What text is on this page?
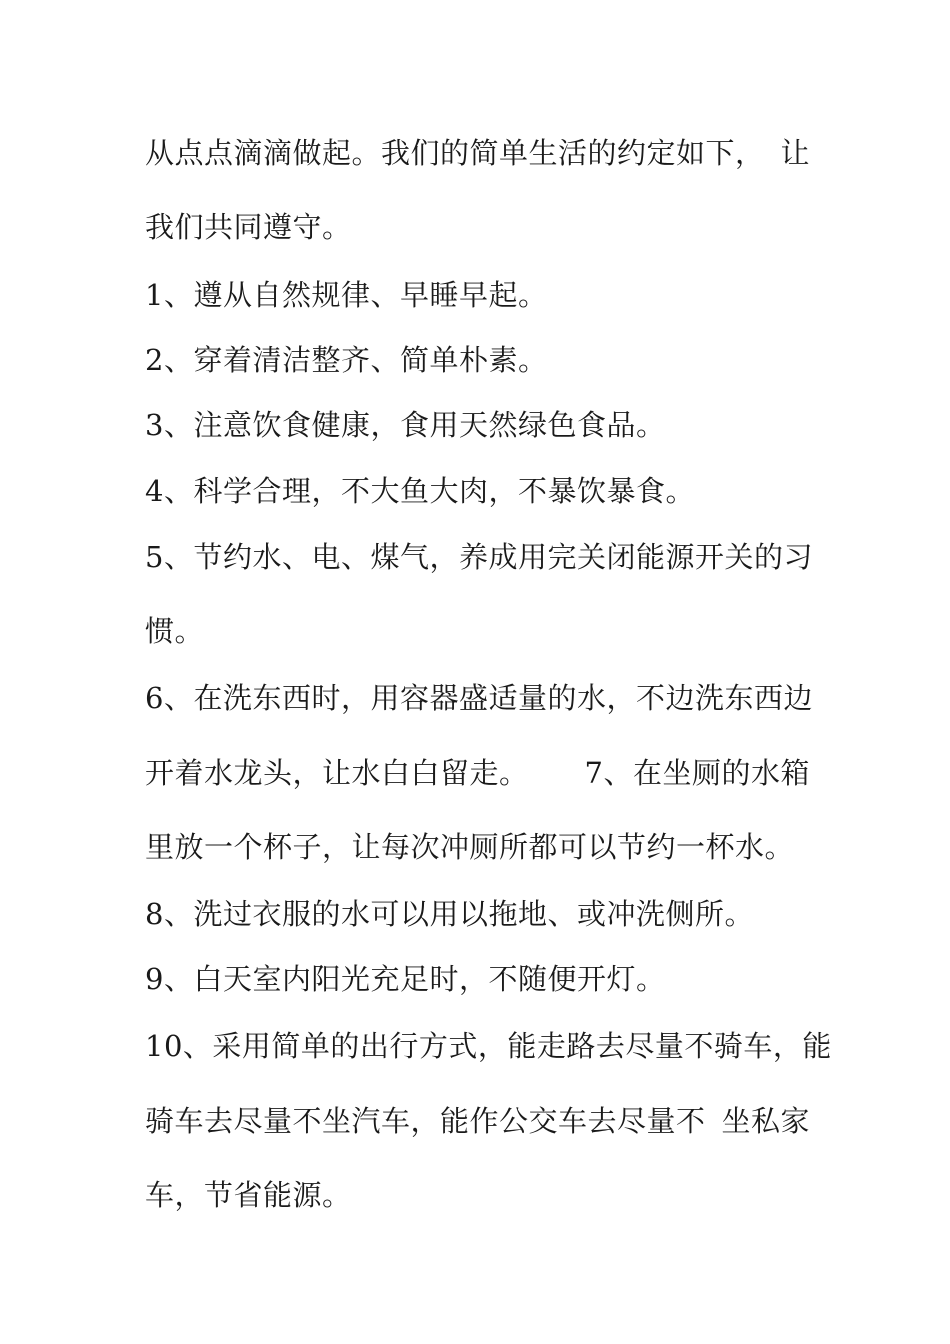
从点点滴滴做起。我们的简单生活的约定如下， 让
我们共同遵守。
1、遵从自然规律、早睡早起。
2、穿着清洁整齐、简单朴素。
3、注意饮食健康，食用天然绿色食品。
4、科学合理，不大鱼大肉，不暴饮暴食。
5、节约水、电、煤气，养成用完关闭能源开关的习
惯。
6、在洗东西时，用容器盛适量的水，不边洗东西边
开着水龙头，让水白白留走。 7、在坐厕的水箱
里放一个杯子，让每次冲厕所都可以节约一杯水。
8、洗过衣服的水可以用以拖地、或冲洗侧所。
9、白天室内阳光充足时，不随便开灯。
10、采用简单的出行方式，能走路去尽量不骑车，能
骑车去尽量不坐汽车，能作公交车去尽量不 坐私家
车，节省能源。
